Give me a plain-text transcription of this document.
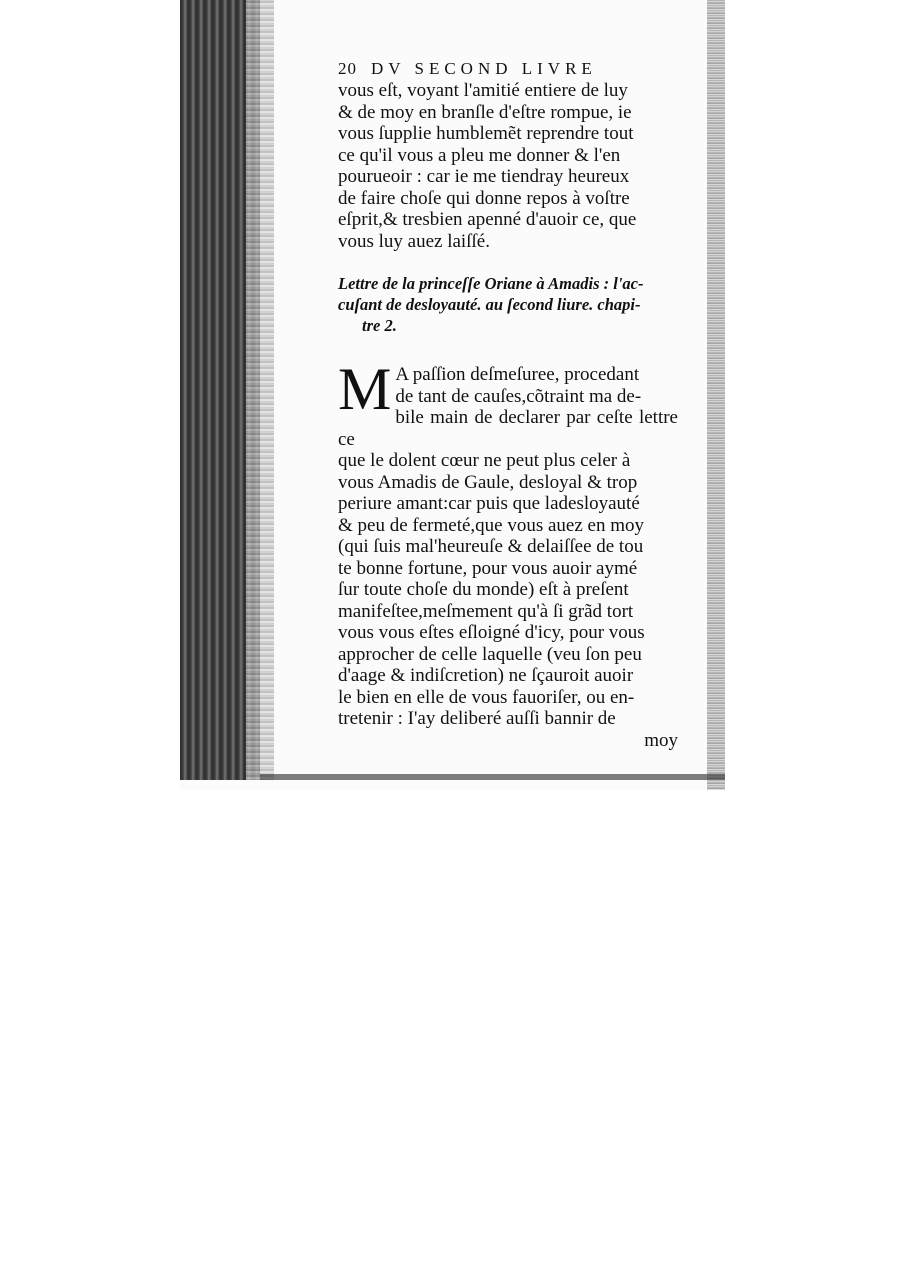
20 DV SECOND LIVRE

vous eſt, voyant l'amitié entiere de luy
& de moy en branſle d'eſtre rompue, ie
vous ſupplie humblemẽt reprendre tout
ce qu'il vous a pleu me donner & l'en
pourueoir : car ie me tiendray heureux
de faire choſe qui donne repos à voſtre
eſprit,& tresbien apenné d'auoir ce, que
vous luy auez laiſſé.

Lettre de la princeſſe Oriane à Amadis : l'ac-
cuſant de desloyauté. au ſecond liure. chapi-
tre 2.
M A paſſion deſmeſuree, procedant
de tant de cauſes,cõtraint ma de-
bile main de declarer par ceſte lettre ce
que le dolent cœur ne peut plus celer à
vous Amadis de Gaule, desloyal & trop
periure amant:car puis que ladesloyauté
& peu de fermeté,que vous auez en moy
(qui ſuis mal'heureuſe & delaiſſee de tou
te bonne fortune, pour vous auoir aymé
ſur toute choſe du monde) eſt à preſent
manifeſtee,meſmement qu'à ſi grãd tort
vous vous eſtes eſloigné d'icy, pour vous
approcher de celle laquelle (veu ſon peu
d'aage & indiſcretion) ne ſçauroit auoir
le bien en elle de vous fauoriſer, ou en-
tretenir : I'ay deliberé auſſi bannir de
moy
